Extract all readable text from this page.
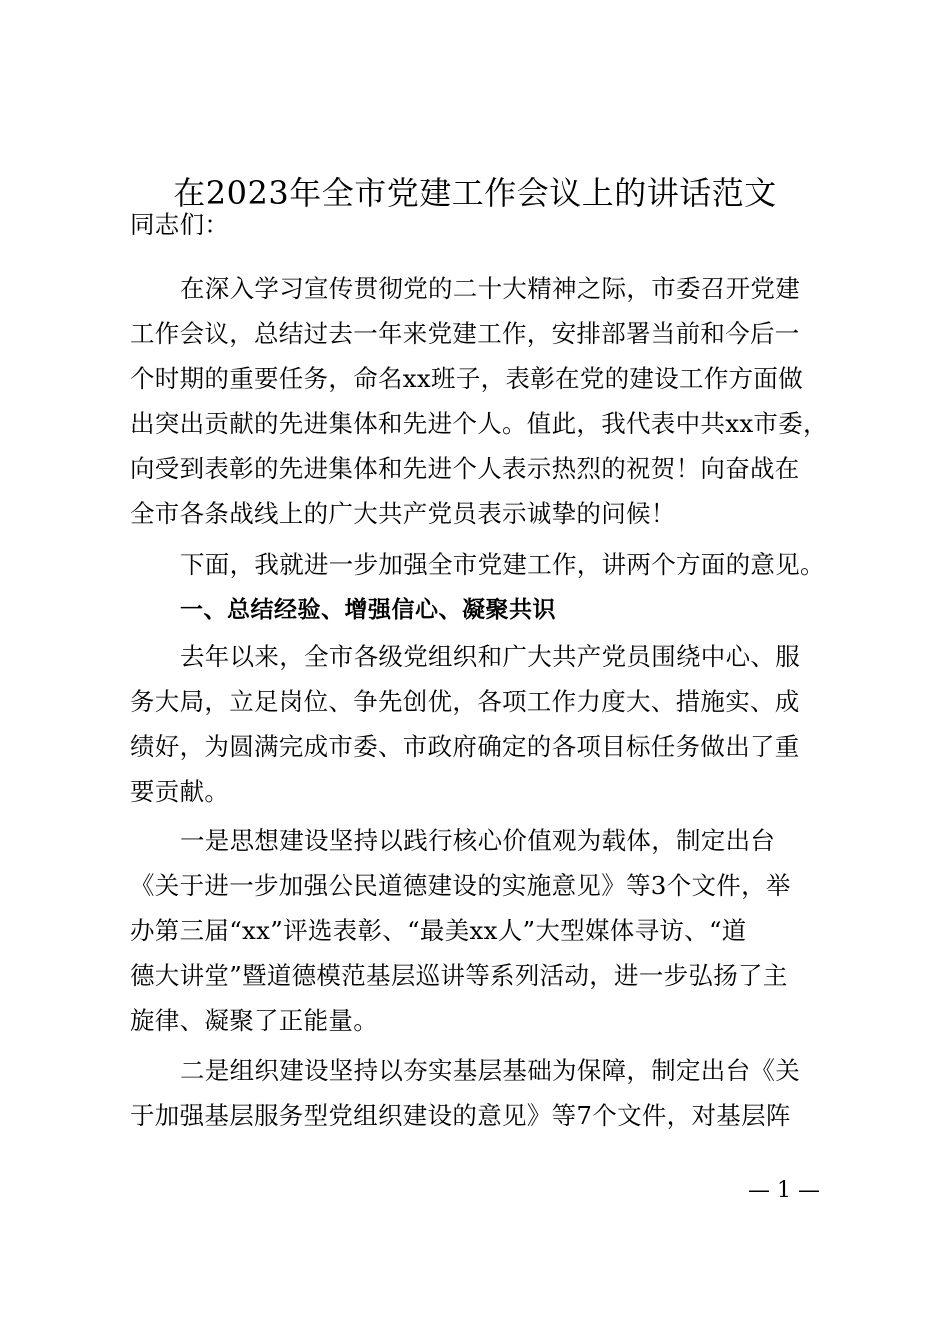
在2023年全市党建工作会议上的讲话范文
同志们：
在深入学习宣传贯彻党的二十大精神之际，市委召开党建
工作会议，总结过去一年来党建工作，安排部署当前和今后一
个时期的重要任务，命名xx班子，表彰在党的建设工作方面做
出突出贡献的先进集体和先进个人。值此，我代表中共xx市委，
向受到表彰的先进集体和先进个人表示热烈的祝贺！向奋战在
全市各条战线上的广大共产党员表示诚挚的问候！
下面，我就进一步加强全市党建工作，讲两个方面的意见。
一、总结经验、增强信心、凝聚共识
去年以来，全市各级党组织和广大共产党员围绕中心、服
务大局，立足岗位、争先创优，各项工作力度大、措施实、成
绩好，为圆满完成市委、市政府确定的各项目标任务做出了重
要贡献。
一是思想建设坚持以践行核心价值观为载体，制定出台
《关于进一步加强公民道德建设的实施意见》等3个文件，举
办第三届“xx”评选表彰、“最美xx人”大型媒体寻访、“道
德大讲堂”暨道德模范基层巡讲等系列活动，进一步弘扬了主
旋律、凝聚了正能量。
二是组织建设坚持以夯实基层基础为保障，制定出台《关
于加强基层服务型党组织建设的意见》等7个文件，对基层阵
— 1 —
